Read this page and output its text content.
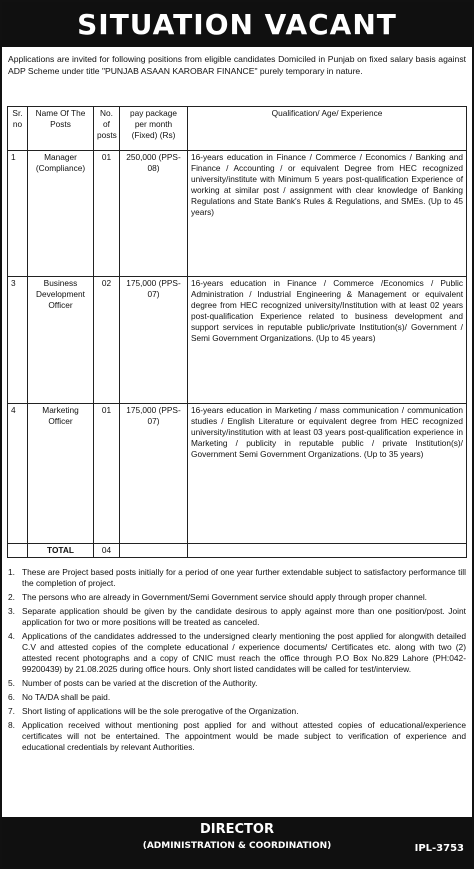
SITUATION VACANT
Applications are invited for following positions from eligible candidates Domiciled in Punjab on fixed salary basis against ADP Scheme under title "PUNJAB ASAAN KAROBAR FINANCE" purely temporary in nature.
Sr. no	Name Of The Posts	No. of posts	pay package per month (Fixed) (Rs)	Qualification/ Age/ Experience
1	Manager (Compliance)	01	250,000 (PPS-08)	16-years education in Finance / Commerce / Economics / Banking and Finance / Accounting / or equivalent Degree from HEC recognized university/institute with Minimum 5 years post-qualification Experience of working at similar post / assignment with clear knowledge of Banking Regulations and State Bank's Rules & Regulations, and SMEs. (Up to 45 years)
3	Business Development Officer	02	175,000 (PPS-07)	16-years education in Finance / Commerce /Economics / Public Administration / Industrial Engineering & Management or equivalent degree from HEC recognized university/Institution with at least 02 years post-qualification Experience related to business development and support services in reputable public/private Institution(s)/ Government / Semi Government Organizations. (Up to 45 years)
4	Marketing Officer	01	175,000 (PPS-07)	16-years education in Marketing / mass communication / communication studies / English Literature or equivalent degree from HEC recognized university/institution with at least 03 years post-qualification experience in Marketing / publicity in reputable public / private Institution(s)/ Government Semi Government Organizations. (Up to 35 years)
	TOTAL	04		
1. These are Project based posts initially for a period of one year further extendable subject to satisfactory performance till the completion of project.
2. The persons who are already in Government/Semi Government service should apply through proper channel.
3. Separate application should be given by the candidate desirous to apply against more than one position/post. Joint application for two or more positions will be treated as canceled.
4. Applications of the candidates addressed to the undersigned clearly mentioning the post applied for alongwith detailed C.V and attested copies of the complete educational / experience documents/ Certificates etc. along with two (2) attested recent photographs and a copy of CNIC must reach the office through P.O Box No.829 Lahore (PH:042-99200439) by 21.08.2025 during office hours. Only short listed candidates will be called for test/interview.
5. Number of posts can be varied at the discretion of the Authority.
6. No TA/DA shall be paid.
7. Short listing of applications will be the sole prerogative of the Organization.
8. Application received without mentioning post applied for and without attested copies of educational/experience certificates will not be entertained. The appointment would be made subject to verification of experience and educational credentials by relevant Authorities.
DIRECTOR
(ADMINISTRATION & COORDINATION)	IPL-3753
